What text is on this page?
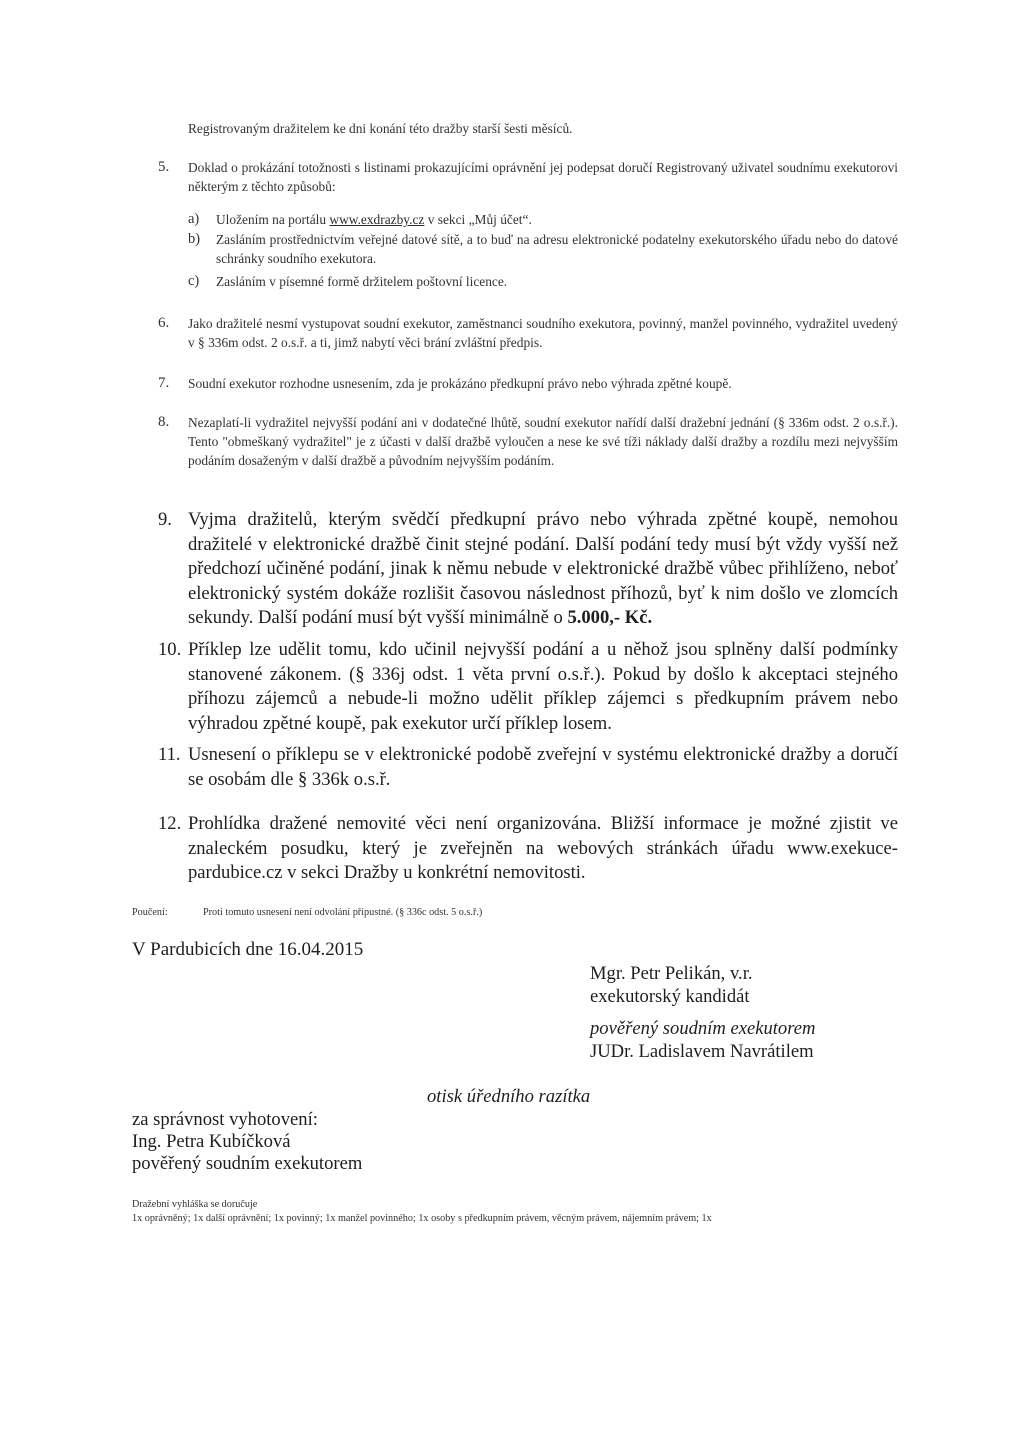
Registrovaným dražitelem ke dni konání této dražby starší šesti měsíců.
5. Doklad o prokázání totožnosti s listinami prokazujícími oprávnění jej podepsat doručí Registrovaný uživatel soudnímu exekutorovi některým z těchto způsobů:
a) Uložením na portálu www.exdrazby.cz v sekci „Můj účet“.
b) Zasláním prostřednictvím veřejné datové sítě, a to buď na adresu elektronické podatelny exekutorského úřadu nebo do datové schránky soudního exekutora.
c) Zasláním v písemné formě držitelem poštovní licence.
6. Jako dražitelé nesmí vystupovat soudní exekutor, zaměstnanci soudního exekutora, povinný, manžel povinného, vydražitel uvedený v § 336m odst. 2 o.s.ř. a ti, jimž nabytí věci brání zvláštní předpis.
7. Soudní exekutor rozhodne usnesením, zda je prokázáno předkupní právo nebo výhrada zpětné koupě.
8. Nezaplatí-li vydražitel nejvyšší podání ani v dodatečné lhůtě, soudní exekutor nařídí další dražební jednání (§ 336m odst. 2 o.s.ř.). Tento "obmeškaný vydražitel" je z účasti v další dražbě vyloučen a nese ke své tíži náklady další dražby a rozdílu mezi nejvyšším podáním dosaženým v další dražbě a původním nejvyšším podáním.
9. Vyjma dražitelů, kterým svědčí předkupní právo nebo výhrada zpětné koupě, nemohou dražitelé v elektronické dražbě činit stejné podání. Další podání tedy musí být vždy vyšší než předchozí učiněné podání, jinak k němu nebude v elektronické dražbě vůbec přihlíženo, neboť elektronický systém dokáže rozlišit časovou následnost příhozů, byť k nim došlo ve zlomcích sekundy. Další podání musí být vyšší minimálně o 5.000,- Kč.
10. Příklep lze udělit tomu, kdo učinil nejvyšší podání a u něhož jsou splněny další podmínky stanovené zákonem. (§ 336j odst. 1 věta první o.s.ř.). Pokud by došlo k akceptaci stejného příhozu zájemců a nebude-li možno udělit příklep zájemci s předkupním právem nebo výhradou zpětné koupě, pak exekutor určí příklep losem.
11. Usnesení o příklepu se v elektronické podobě zveřejní v systému elektronické dražby a doručí se osobám dle § 336k o.s.ř.
12. Prohlídka dražené nemovité věci není organizována. Bližší informace je možné zjistit ve znaleckém posudku, který je zveřejněn na webových stránkách úřadu www.exekuce-pardubice.cz v sekci Dražby u konkrétní nemovitosti.
Poučení:	Proti tomuto usnesení není odvolání přípustné. (§ 336c odst. 5 o.s.ř.)
V Pardubicích dne 16.04.2015
Mgr. Petr Pelikán, v.r.
exekutorský kandidát
pověřený soudním exekutorem
JUDr. Ladislavem Navrátilem
otisk úředního razítka
za správnost vyhotovení:
Ing. Petra Kubíčková
pověřený soudním exekutorem
Dražební vyhláška se doručuje
1x oprávněný; 1x další oprávnění; 1x povinný; 1x manžel povinného; 1x osoby s předkupním právem, věcným právem, nájemním právem; 1x
